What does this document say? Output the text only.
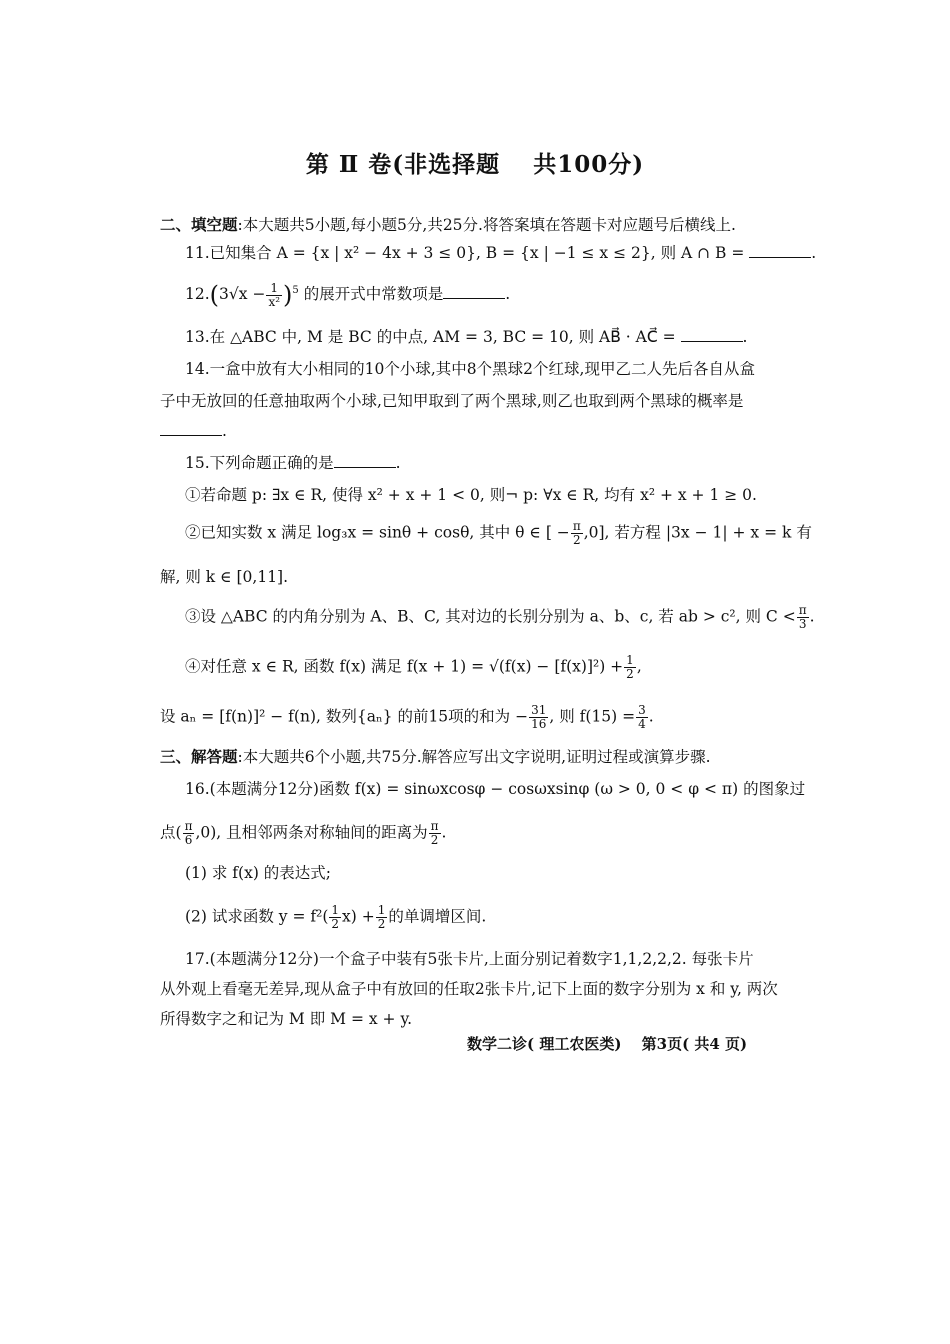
第 Ⅱ 卷(非选择题　 共100分)
二、填空题:本大题共5小题,每小题5分,共25分.将答案填在答题卡对应题号后横线上.
11.已知集合 A = {x | x² − 4x + 3 ≤ 0}, B = {x | −1 ≤ x ≤ 2}, 则 A ∩ B =	.
$12.(3√x - \frac{1}{\text{x²}} )^5$ 的展开式中常数项是	.
13.在 △ABC 中, M 是 BC 的中点, AM = 3, BC = 10, 则 AB⃗ · AC⃗ =	.
14.一盒中放有大小相同的10个小球,其中8个黑球2个红球,现甲乙二人先后各自从盒
子中无放回的任意抽取两个小球,已知甲取到了两个黑球,则乙也取到两个黑球的概率是
.
15.下列命题正确的是	.
①若命题 p: ∃x ∈ R, 使得 x² + x + 1 < 0, 则¬ p: ∀x ∈ R, 均有 x² + x + 1 ≥ 0.
②已知实数 x 满足 log₃x = sinθ + cosθ, 其中 θ ∈ [ − $\frac{\pi}{2} ,0$], 若方程 |3x − 1| + x = k 有
解, 则 k ∈ [0,11].
③设 △ABC 的内角分别为 A、B、C, 其对边的长别分别为 a、b、c, 若 ab > c², 则 $C < \frac{\pi}{3}$ .
④对任意 x ∈ R, 函数 f(x) 满足 $f(x + 1) = √(f(x) - [f(x)]^2) + \frac{1}{2}$ ,
设 aₙ = [f(n)]² − f(n), 数列{aₙ} 的前15项的和为 − $\frac{31}{16}$ , 则 $f(15) = \frac{3}{4}$ .
三、解答题:本大题共6个小题,共75分.解答应写出文字说明,证明过程或演算步骤.
16.(本题满分12分)函数 f(x) = sinωxcosφ − cosωxsinφ (ω > 0, 0 < φ < π) 的图象过
点( $\frac{\pi}{6} ,0$), 且相邻两条对称轴间的距离为 $\frac{\pi}{2}$ .
(1) 求 f(x) 的表达式;
(2) 试求函数 $y = f^2( \frac{1}{2} x) + \frac{1}{2}$ 的单调增区间.
17.(本题满分12分)一个盒子中装有5张卡片,上面分别记着数字1,1,2,2,2. 每张卡片
从外观上看毫无差异,现从盒子中有放回的任取2张卡片,记下上面的数字分别为 x 和 y, 两次
所得数字之和记为 M 即 M = x + y.
数学二诊( 理工农医类)　 第3页( 共4 页)
